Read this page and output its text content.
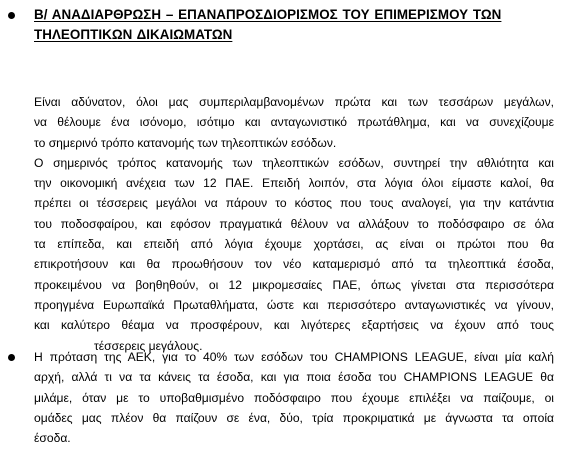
Β/ ΑΝΑΔΙΑΡΘΡΩΣΗ – ΕΠΑΝΑΠΡΟΣΔΙΟΡΙΣΜΟΣ ΤΟΥ ΕΠΙΜΕΡΙΣΜΟΥ ΤΩΝ
ΤΗΛΕΟΠΤΙΚΩΝ ΔΙΚΑΙΩΜΑΤΩΝ
Είναι αδύνατον, όλοι μας συμπεριλαμβανομένων πρώτα και των τεσσάρων μεγάλων,
να θέλουμε ένα ισόνομο, ισότιμο και ανταγωνιστικό πρωτάθλημα, και να συνεχίζουμε
το σημερινό τρόπο κατανομής των τηλεοπτικών εσόδων.
Ο σημερινός τρόπος κατανομής των τηλεοπτικών εσόδων, συντηρεί την αθλιότητα και
την οικονομική ανέχεια των 12 ΠΑΕ. Επειδή λοιπόν, στα λόγια όλοι είμαστε καλοί, θα
πρέπει οι τέσσερεις μεγάλοι να πάρουν το κόστος που τους αναλογεί, για την κατάντια
του ποδοσφαίρου, και εφόσον πραγματικά θέλουν να αλλάξουν το ποδόσφαιρο σε όλα
τα επίπεδα, και επειδή από λόγια έχουμε χορτάσει, ας είναι οι πρώτοι που θα
επικροτήσουν και θα προωθήσουν τον νέο καταμερισμό από τα τηλεοπτικά έσοδα,
προκειμένου να βοηθηθούν, οι 12 μικρομεσαίες ΠΑΕ, όπως γίνεται στα περισσότερα
προηγμένα Ευρωπαϊκά Πρωταθλήματα, ώστε και περισσότερο ανταγωνιστικές να γίνουν,
και καλύτερο θέαμα να προσφέρουν, και λιγότερες εξαρτήσεις να έχουν από τους
τέσσερεις μεγάλους.
Η πρόταση της ΑΕΚ, για το 40% των εσόδων του CHAMPIONS LEAGUE, είναι μία καλή
αρχή, αλλά τι να τα κάνεις τα έσοδα, και για ποια έσοδα του CHAMPIONS LEAGUE θα
μιλάμε, όταν με το υποβαθμισμένο ποδόσφαιρο που έχουμε επιλέξει να παίζουμε, οι
ομάδες μας πλέον θα παίζουν σε ένα, δύο, τρία προκριματικά με άγνωστα τα οποία
έσοδα.
